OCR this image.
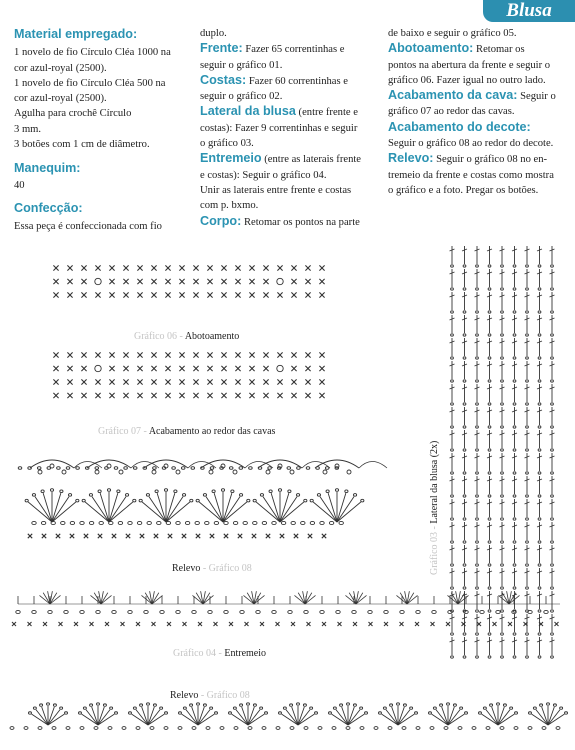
Blusa
Material empregado:
1 novelo de fio Círculo Cléa 1000 na
cor azul-royal (2500).
1 novelo de fio Círculo Cléa 500 na
cor azul-royal (2500).
Agulha para crochê Círculo
3 mm.
3 botões com 1 cm de diâmetro.
Manequim:
40
Confecção:
Essa peça é confeccionada com fio
duplo.
Frente: Fazer 65 correntinhas e
seguir o gráfico 01.
Costas: Fazer 60 correntinhas e
seguir o gráfico 02.
Lateral da blusa (entre frente e
costas): Fazer 9 correntinhas e seguir
o gráfico 03.
Entremeio (entre as laterais frente
e costas): Seguir o gráfico 04.
Unir as laterais entre frente e costas
com p. bxmo.
Corpo: Retomar os pontos na parte
de baixo e seguir o gráfico 05.
Abotoamento: Retomar os
pontos na abertura da frente e seguir o
gráfico 06. Fazer igual no outro lado.
Acabamento da cava: Seguir o
gráfico 07 ao redor das cavas.
Acabamento do decote:
Seguir o gráfico 08 ao redor do decote.
Relevo: Seguir o gráfico 08 no en-
tremeio da frente e costas como mostra
o gráfico e a foto. Pregar os botões.
Gráfico 06 - Abotoamento
Gráfico 07 - Acabamento ao redor das cavas
Relevo - Gráfico 08
Gráfico 04 - Entremeio
Relevo - Gráfico 08
Gráfico 03 - Lateral da blusa (2x)
